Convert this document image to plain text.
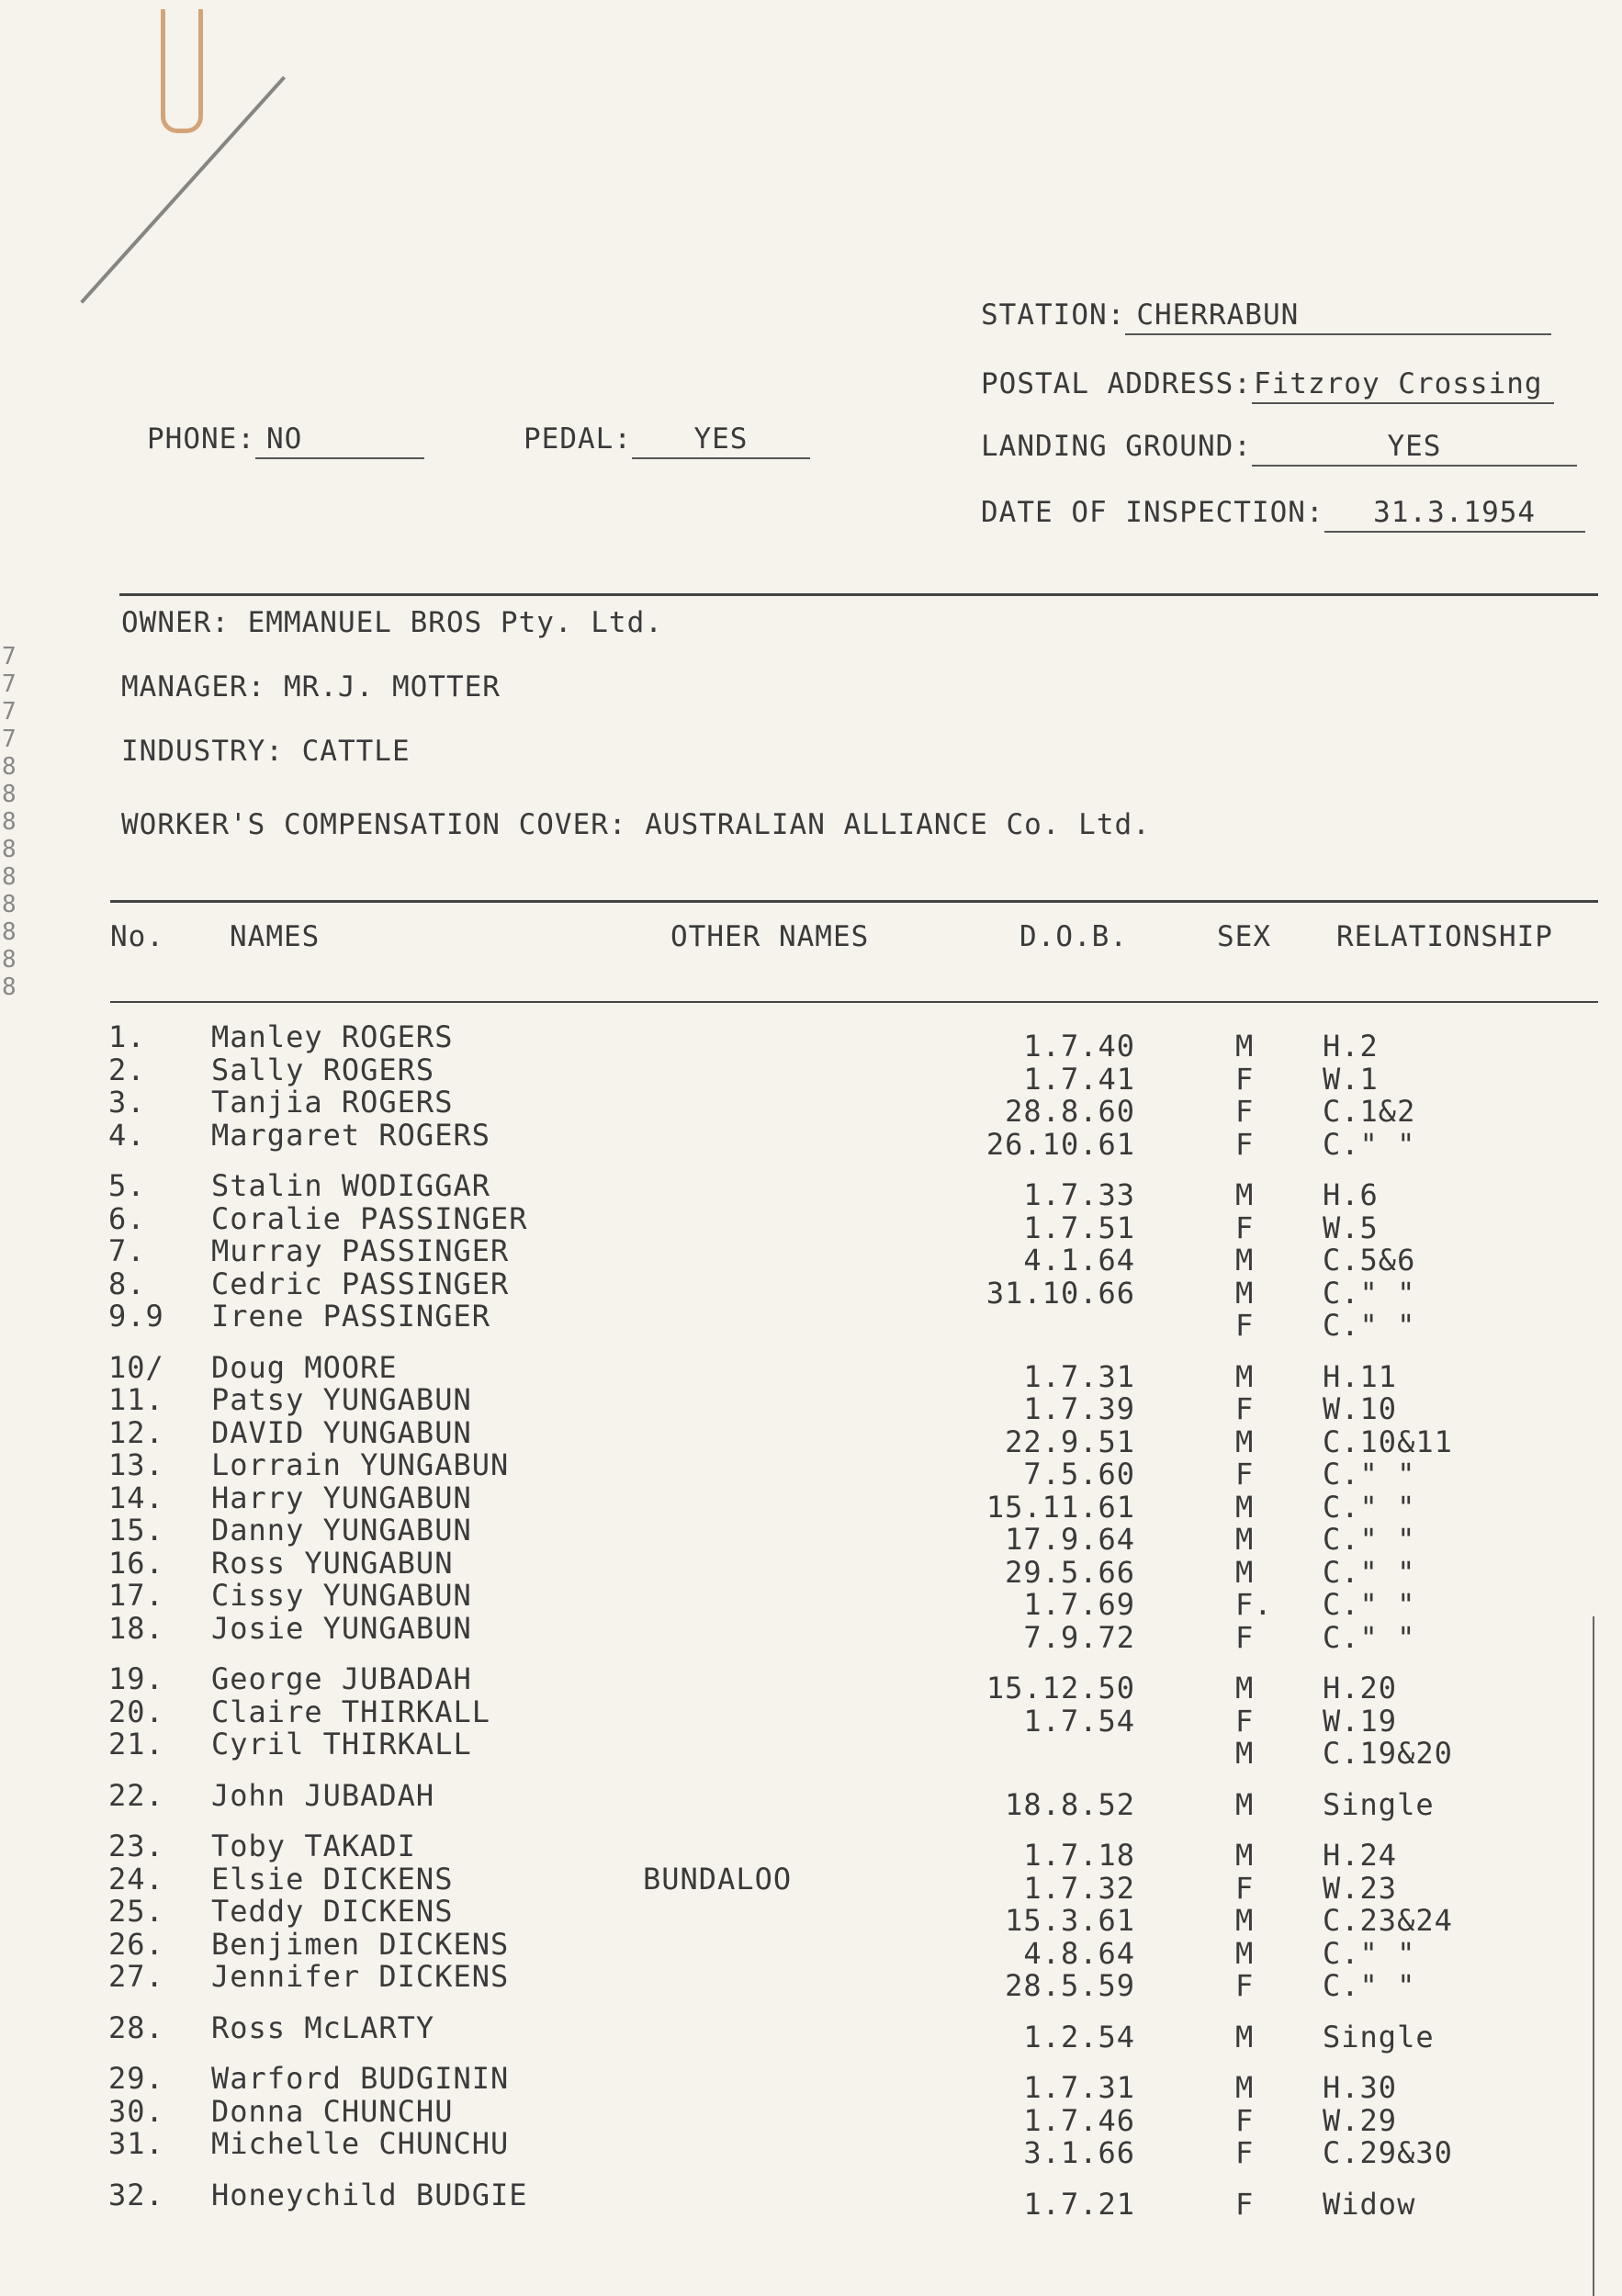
7
7
7
7
8
8
8
8
8
8
8
8
8
STATION: CHERRABUN
POSTAL ADDRESS:Fitzroy Crossing
PHONE: NO	PEDAL: YES	LANDING GROUND:	YES
DATE OF INSPECTION: 31.3.1954
OWNER: EMMANUEL BROS Pty. Ltd.
MANAGER: MR.J. MOTTER
INDUSTRY: CATTLE
WORKER'S COMPENSATION COVER: AUSTRALIAN ALLIANCE Co. Ltd.
No. NAMES	OTHER NAMES	D.O.B.	SEX RELATIONSHIP
1. Manley ROGERS	1.7.40	M H.2
2. Sally ROGERS	1.7.41	F W.1
3. Tanjia ROGERS	28.8.60	F C.1&2
4. Margaret ROGERS	26.10.61	F C." "
5. Stalin WODIGGAR	1.7.33	M H.6
6. Coralie PASSINGER	1.7.51	F W.5
7. Murray PASSINGER	4.1.64	M C.5&6
8. Cedric PASSINGER	31.10.66	M C." "
9.9 Irene PASSINGER	F C." "
10/ Doug MOORE	1.7.31	M H.11
11. Patsy YUNGABUN	1.7.39	F W.10
12. DAVID YUNGABUN	22.9.51	M C.10&11
13. Lorrain YUNGABUN	7.5.60	F C." "
14. Harry YUNGABUN	15.11.61	M C." "
15. Danny YUNGABUN	17.9.64	M C." "
16. Ross YUNGABUN	29.5.66	M C." "
17. Cissy YUNGABUN	1.7.69	F. C." "
18. Josie YUNGABUN	7.9.72	F C." "
19. George JUBADAH	15.12.50	M H.20
20. Claire THIRKALL	1.7.54	F W.19
21. Cyril THIRKALL	M C.19&20
22. John JUBADAH	18.8.52	M Single
23. Toby TAKADI	1.7.18	M H.24
24. Elsie DICKENS	BUNDALOO	1.7.32	F W.23
25. Teddy DICKENS	15.3.61	M C.23&24
26. Benjimen DICKENS	4.8.64	M C." "
27. Jennifer DICKENS	28.5.59	F C." "
28. Ross McLARTY	1.2.54	M Single
29. Warford BUDGININ	1.7.31	M H.30
30. Donna CHUNCHU	1.7.46	F W.29
31. Michelle CHUNCHU	3.1.66	F C.29&30
32. Honeychild BUDGIE	1.7.21	F Widow
